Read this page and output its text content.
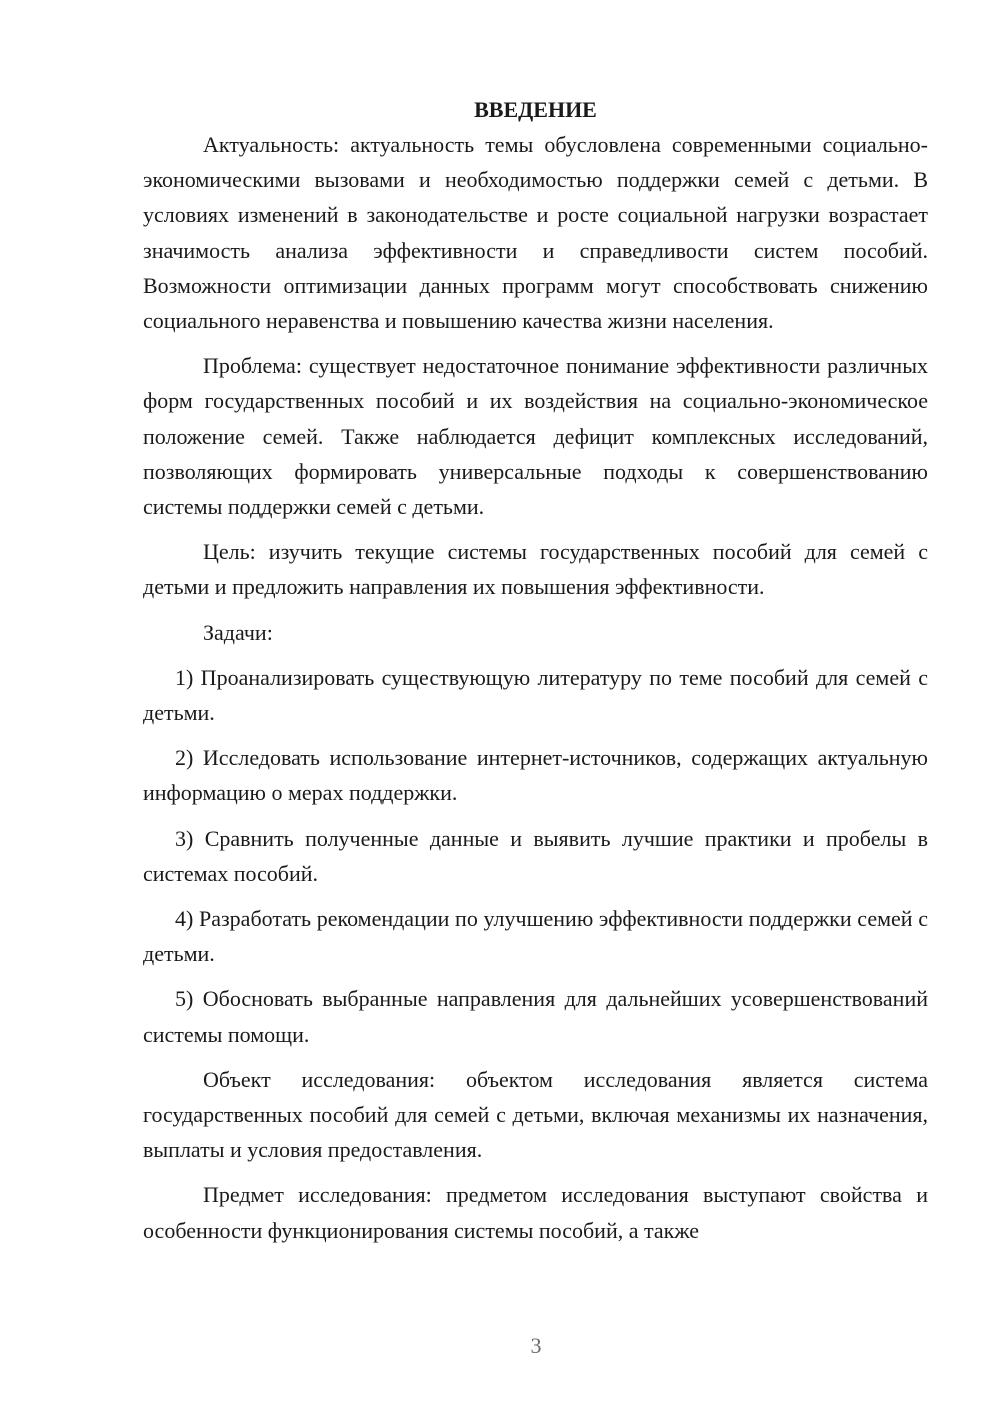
ВВЕДЕНИЕ

Актуальность: актуальность темы обусловлена современными социально-экономическими вызовами и необходимостью поддержки семей с детьми. В условиях изменений в законодательстве и росте социальной нагрузки возрастает значимость анализа эффективности и справедливости систем пособий. Возможности оптимизации данных программ могут способствовать снижению социального неравенства и повышению качества жизни населения.

Проблема: существует недостаточное понимание эффективности различных форм государственных пособий и их воздействия на социально-экономическое положение семей. Также наблюдается дефицит комплексных исследований, позволяющих формировать универсальные подходы к совершенствованию системы поддержки семей с детьми.

Цель: изучить текущие системы государственных пособий для семей с детьми и предложить направления их повышения эффективности.

Задачи:

1) Проанализировать существующую литературу по теме пособий для семей с детьми.

2) Исследовать использование интернет-источников, содержащих актуальную информацию о мерах поддержки.

3) Сравнить полученные данные и выявить лучшие практики и пробелы в системах пособий.

4) Разработать рекомендации по улучшению эффективности поддержки семей с детьми.

5) Обосновать выбранные направления для дальнейших усовершенствований системы помощи.

Объект исследования: объектом исследования является система государственных пособий для семей с детьми, включая механизмы их назначения, выплаты и условия предоставления.

Предмет исследования: предметом исследования выступают свойства и особенности функционирования системы пособий, а также

3
